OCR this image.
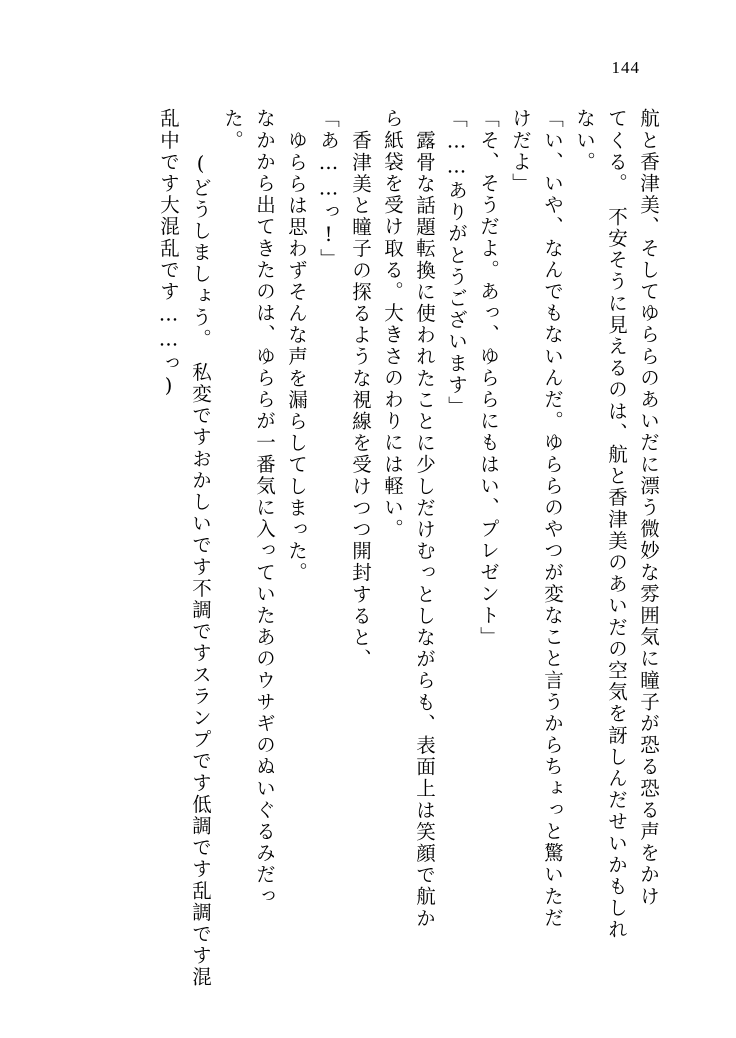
144
航と香津美、そしてゆららのあいだに漂う微妙な雰囲気に瞳子が恐る恐る声をかけ
てくる。　不安そうに見えるのは、航と香津美のあいだの空気を訝しんだせいかもしれ
ない。
「い、いや、なんでもないんだ。ゆららのやつが変なこと言うからちょっと驚いただ
けだよ」
「そ、そうだよ。あっ、ゆららにもはい、プレゼント」
「……ありがとうございます」
露骨な話題転換に使われたことに少しだけむっとしながらも、表面上は笑顔で航か
ら紙袋を受け取る。大きさのわりには軽い。
香津美と瞳子の探るような視線を受けつつ開封すると、
「あ……っ!」
ゆららは思わずそんな声を漏らしてしまった。
なかから出てきたのは、ゆららが一番気に入っていたあのウサギのぬいぐるみだっ
た。
(どうしましょう。　私変ですおかしいです不調ですスランプです低調です乱調です混
乱中です大混乱です……っ)
